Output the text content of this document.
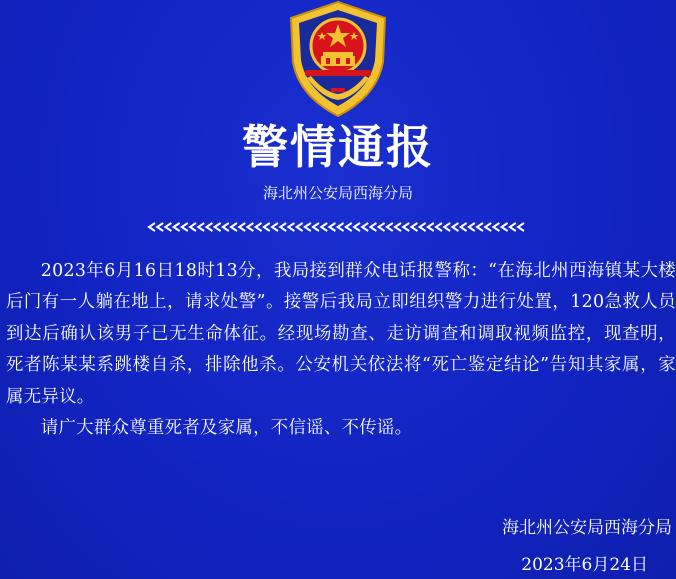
警情通报
海北州公安局西海分局

2023年6月16日18时13分，我局接到群众电话报警称：“在海北州西海镇某大楼后门有一人躺在地上，请求处警”。接警后我局立即组织警力进行处置，120急救人员到达后确认该男子已无生命体征。经现场勘查、走访调查和调取视频监控，现查明，死者陈某某系跳楼自杀，排除他杀。公安机关依法将“死亡鉴定结论”告知其家属，家属无异议。

请广大群众尊重死者及家属，不信谣、不传谣。

海北州公安局西海分局
2023年6月24日
